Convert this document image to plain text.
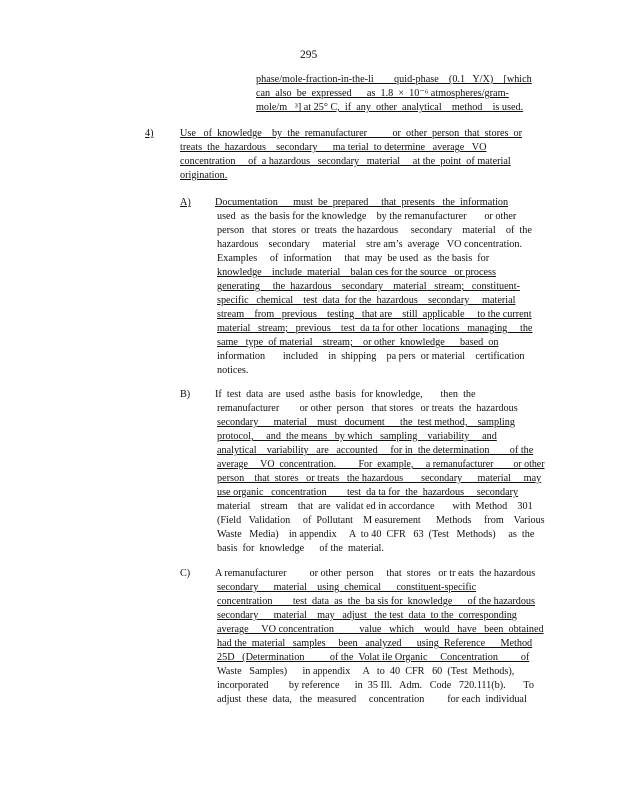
295
phase/mole-fraction-in-the-li        quid-phase    (0.1   Y/X)    [which
can  also  be  expressed      as  1.8  ×  10⁻⁶ atmospheres/gram-
mole/m   ³] at 25° C,  if  any  other  analytical    method    is used.
4)	Use   of  knowledge    by  the  remanufacturer          or  other  person  that  stores  or
treats  the  hazardous    secondary      ma terial  to determine   average   VO
concentration     of  a hazardous   secondary   material     at the  point  of material
origination.
A) Documentation      must  be  prepared     that  presents   the  information
used  as  the basis for the knowledge    by the remanufacturer       or other
person   that  stores  or  treats  the hazardous     secondary    material    of  the
hazardous    secondary     material    stre am’s  average   VO concentration.
Examples     of  information     that  may  be used  as  the basis  for
knowledge    include  material    balan ces for the source   or process
generating     the  hazardous    secondary    material   stream;   constituent-
specific   chemical    test  data  for the  hazardous    secondary     material
stream    from   previous    testing   that are    still  applicable     to the current
material   stream;   previous    test  da ta for other  locations   managing     the
same   type  of material    stream;    or other  knowledge      based  on
information       included    in  shipping    pa pers  or material    certification
notices.
B) If  test  data  are  used  asthe  basis  for knowledge,       then  the
remanufacturer        or other  person   that stores   or treats  the  hazardous
secondary      material    must   document      the  test method,    sampling
protocol,     and  the means   by which   sampling    variability     and
analytical    variability   are   accounted     for in  the determination        of the
average     VO  concentration.         For  example,     a remanufacturer        or other
person    that  stores   or treats   the hazardous       secondary      material     may
use organic   concentration        test  da ta for  the  hazardous     secondary
material    stream    that  are  validat ed in accordance       with  Method    301
(Field   Validation     of  Pollutant    M easurement      Methods     from    Various
Waste   Media)    in appendix     A  to 40  CFR   63  (Test   Methods)     as  the
basis  for  knowledge      of the  material.
C) A remanufacturer         or other  person     that  stores   or tr eats  the hazardous
secondary      material    using  chemical      constituent-specific
concentration        test  data  as  the  ba sis for  knowledge      of the hazardous
secondary      material    may   adjust   the test  data  to the  corresponding
average     VO concentration          value   which    would   have   been  obtained
had the  material   samples     been   analyzed      using  Reference      Method
25D   (Determination          of the  Volat ile Organic     Concentration         of
Waste   Samples)      in appendix     A   to  40  CFR   60  (Test  Methods),
incorporated        by reference      in  35 Ill.   Adm.   Code   720.111(b).       To
adjust  these  data,   the  measured     concentration         for each  individual
